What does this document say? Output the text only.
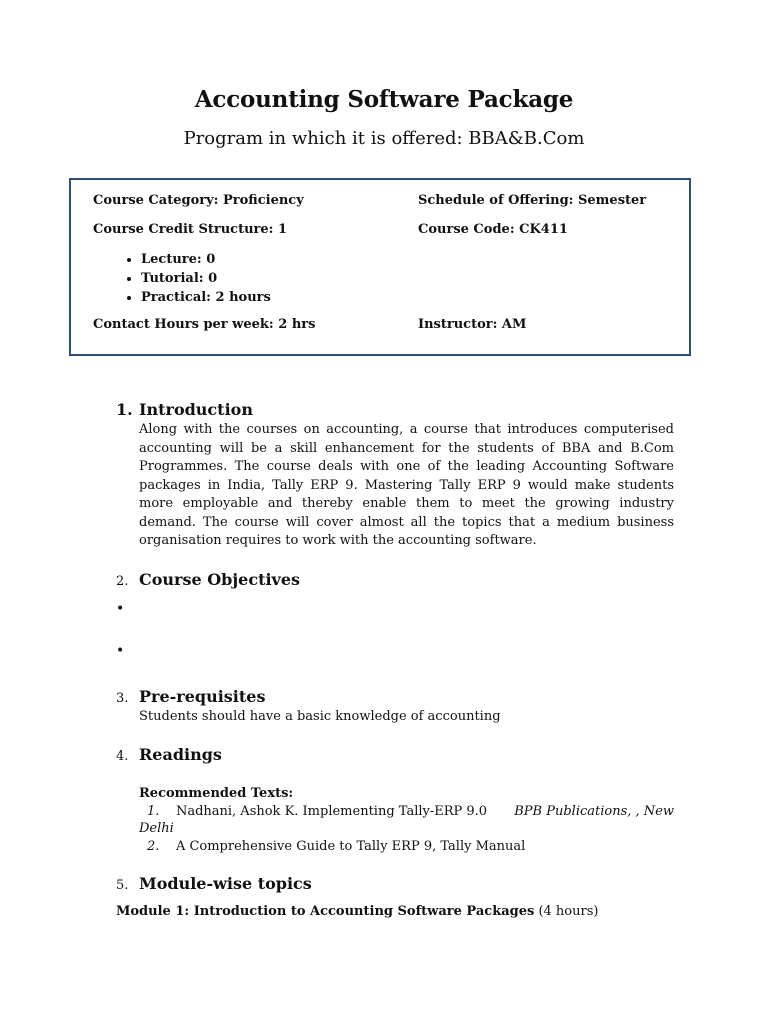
Accounting Software Package
Program in which it is offered: BBA&B.Com
Course Category: Proficiency	Schedule of Offering: Semester
Course Credit Structure: 1	Course Code: CK411
• Lecture: 0
• Tutorial: 0
• Practical: 2 hours
Contact Hours per week: 2 hrs	Instructor: AM
1. Introduction
Along with the courses on accounting, a course that introduces computerised accounting will be a skill enhancement for the students of BBA and B.Com Programmes. The course deals with one of the leading Accounting Software packages in India, Tally ERP 9. Mastering Tally ERP 9 would make students more employable and thereby enable them to meet the growing industry demand. The course will cover almost all the topics that a medium business organisation requires to work with the accounting software.
2. Course Objectives
•
•
3. Pre-requisites
Students should have a basic knowledge of accounting
4. Readings
Recommended Texts:
1. Nadhani, Ashok K. Implementing Tally-ERP 9.0 BPB Publications, , New
Delhi
2. A Comprehensive Guide to Tally ERP 9, Tally Manual
5. Module-wise topics
Module 1: Introduction to Accounting Software Packages (4 hours)
